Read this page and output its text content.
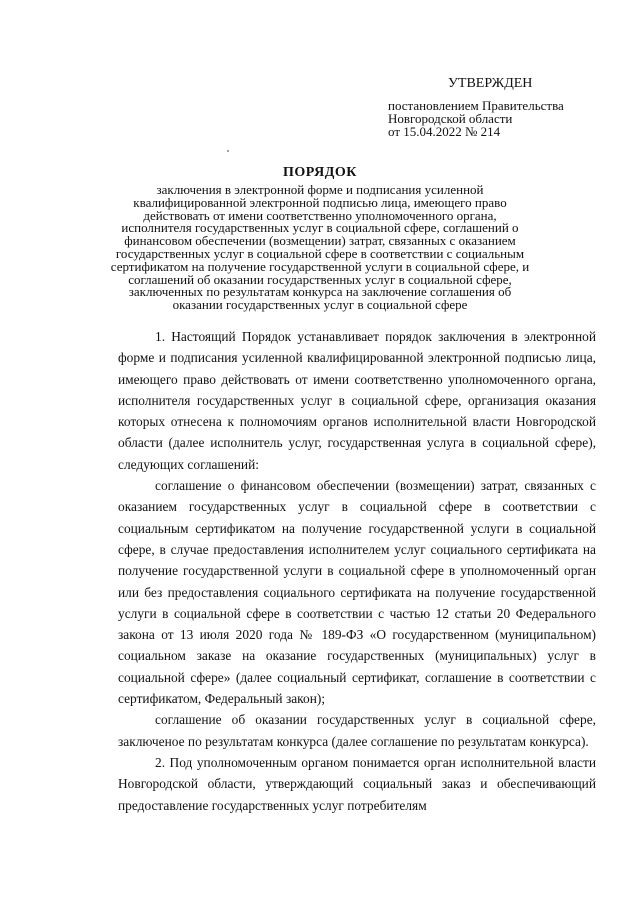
УТВЕРЖДЕН
постановлением Правительства
Новгородской области
от 15.04.2022 № 214
ПОРЯДОК
заключения в электронной форме и подписания усиленной квалифицированной электронной подписью лица, имеющего право действовать от имени соответственно уполномоченного органа, исполнителя государственных услуг в социальной сфере, соглашений о финансовом обеспечении (возмещении) затрат, связанных с оказанием государственных услуг в социальной сфере в соответствии с социальным сертификатом на получение государственной услуги в социальной сфере, и соглашений об оказании государственных услуг в социальной сфере, заключенных по результатам конкурса на заключение соглашения об оказании государственных услуг в социальной сфере

1. Настоящий Порядок устанавливает порядок заключения в электронной форме и подписания усиленной квалифицированной электронной подписью лица, имеющего право действовать от имени соответственно уполномоченного органа, исполнителя государственных услуг в социальной сфере, организация оказания которых отнесена к полномочиям органов исполнительной власти Новгородской области (далее исполнитель услуг, государственная услуга в социальной сфере), следующих соглашений:

соглашение о финансовом обеспечении (возмещении) затрат, связанных с оказанием государственных услуг в социальной сфере в соответствии с социальным сертификатом на получение государственной услуги в социальной сфере, в случае предоставления исполнителем услуг социального сертификата на получение государственной услуги в социальной сфере в уполномоченный орган или без предоставления социального сертификата на получение государственной услуги в социальной сфере в соответствии с частью 12 статьи 20 Федерального закона от 13 июля 2020 года № 189-ФЗ «О государственном (муниципальном) социальном заказе на оказание государственных (муниципальных) услуг в социальной сфере» (далее социальный сертификат, соглашение в соответствии с сертификатом, Федеральный закон);

соглашение об оказании государственных услуг в социальной сфере, заключеное по результатам конкурса (далее соглашение по результатам конкурса).

2. Под уполномоченным органом понимается орган исполнительной власти Новгородской области, утверждающий социальный заказ и обеспечивающий предоставление государственных услуг потребителям
